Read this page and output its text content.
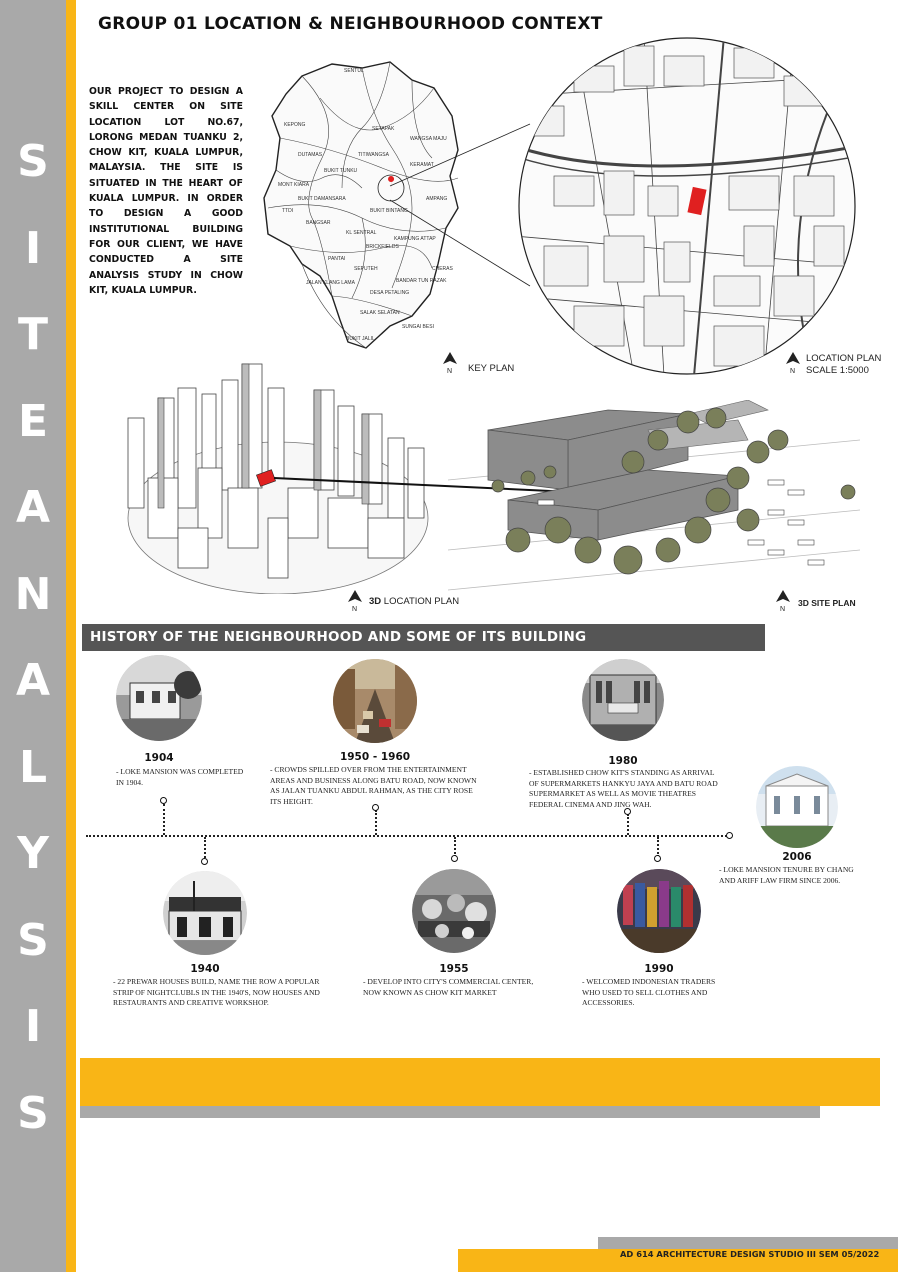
S
I
T
E
A
N
A
L
Y
S
I
S
GROUP 01 LOCATION & NEIGHBOURHOOD CONTEXT
OUR PROJECT TO DESIGN A SKILL CENTER ON SITE LOCATION LOT NO.67, LORONG MEDAN TUANKU 2, CHOW KIT, KUALA LUMPUR, MALAYSIA. THE SITE IS SITUATED IN THE HEART OF KUALA LUMPUR. IN ORDER TO DESIGN A GOOD INSTITUTIONAL BUILDING FOR OUR CLIENT, WE HAVE CONDUCTED A SITE ANALYSIS STUDY IN CHOW KIT, KUALA LUMPUR.
SENTUL
KEPONG
SETAPAK
WANGSA MAJU
DUTAMAS	TITIWANGSA
KERAMAT
MONT KIARA
BUKIT TUNKU
BUKIT DAMANSARA	AMPANG
TTDI
BANGSAR
KL SENTRAL
BUKIT BINTANG
PANTAI
BRICKFIELDS
KAMPUNG ATTAP
SEPUTEH	CHERAS
BANDAR TUN RAZAK
JALAN KLANG LAMA
SALAK SELATAN
SUNGAI BESI
BUKIT JALIL
DESA PETALING
N KEY PLAN	N
LOCATION PLAN
SCALE 1:5000
N
3D LOCATION PLAN
N
3D SITE PLAN
HISTORY OF THE NEIGHBOURHOOD AND SOME OF ITS BUILDING
1904
- LOKE MANSION WAS COMPLETED IN 1904.
1950 - 1960
- CROWDS SPILLED OVER FROM THE ENTERTAINMENT AREAS AND BUSINESS ALONG BATU ROAD, NOW KNOWN AS JALAN TUANKU ABDUL RAHMAN, AS THE CITY ROSE ITS HEIGHT.
1980
- ESTABLISHED CHOW KIT'S STANDING AS ARRIVAL OF SUPERMARKETS HANKYU JAYA AND BATU ROAD SUPERMARKET AS WELL AS MOVIE THEATRES FEDERAL CINEMA AND JING WAH.
2006
- LOKE MANSION TENURE BY CHANG AND ARIFF LAW FIRM SINCE 2006.
1940
- 22 PREWAR HOUSES BUILD, NAME THE ROW A POPULAR STRIP OF NIGHTCLUBLS IN THE 1940'S, NOW HOUSES AND RESTAURANTS AND CREATIVE WORKSHOP.
1955
- DEVELOP INTO CITY'S COMMERCIAL CENTER, NOW KNOWN AS CHOW KIT MARKET
1990
- WELCOMED INDONESIAN TRADERS WHO USED TO SELL CLOTHES AND ACCESSORIES.
AD 614 ARCHITECTURE DESIGN STUDIO III SEM 05/2022
